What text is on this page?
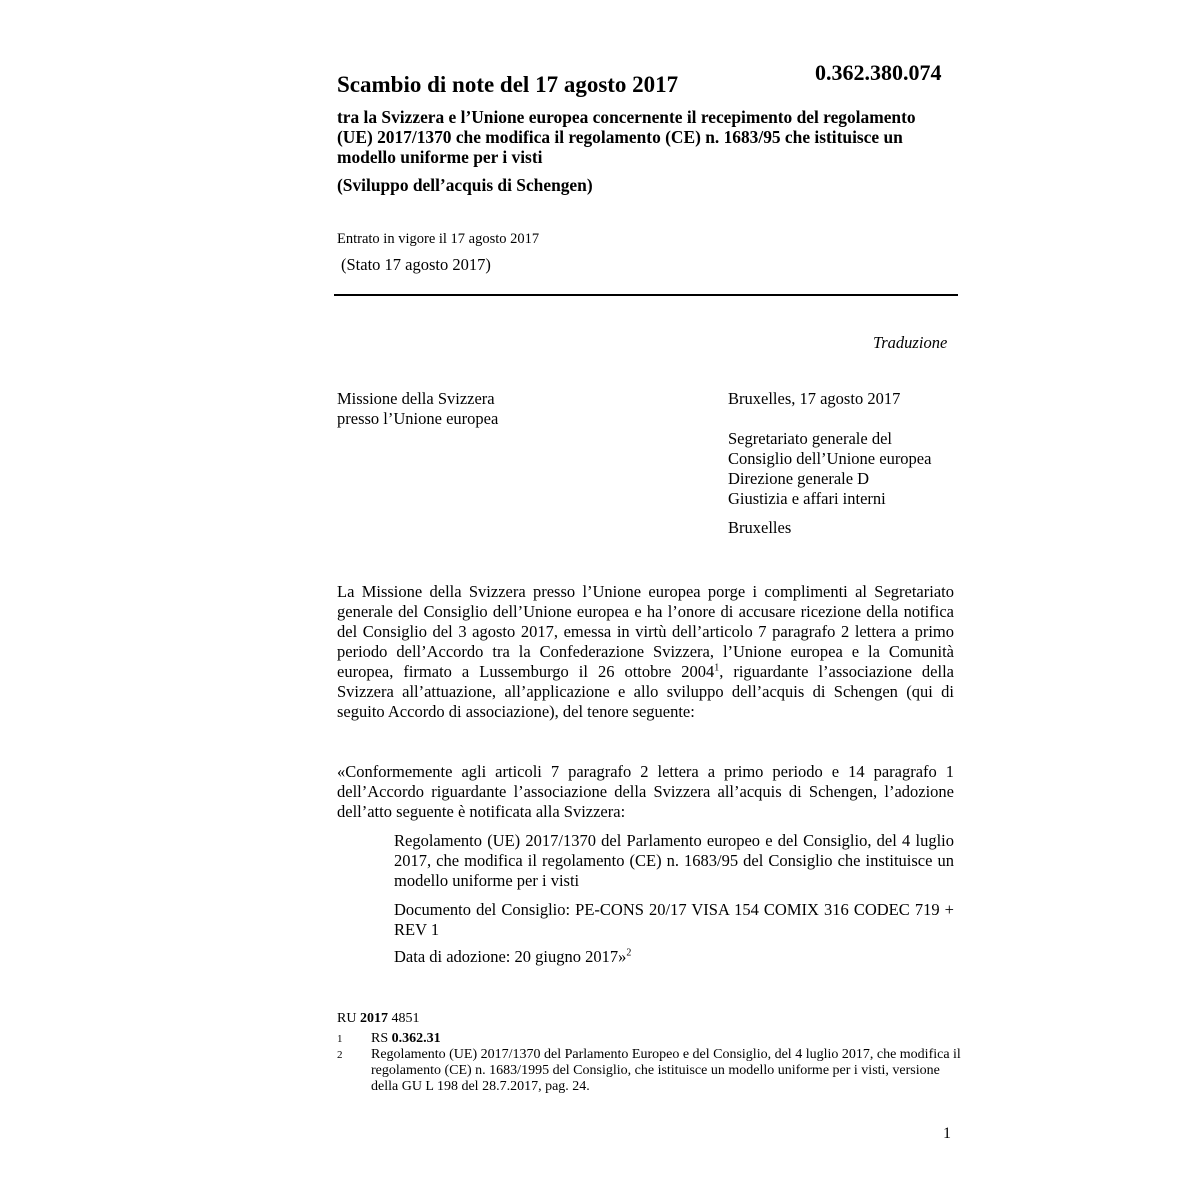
0.362.380.074
Scambio di note del 17 agosto 2017
tra la Svizzera e l’Unione europea concernente il recepimento del regolamento (UE) 2017/1370 che modifica il regolamento (CE) n. 1683/95 che istituisce un modello uniforme per i visti
(Sviluppo dell’acquis di Schengen)
Entrato in vigore il 17 agosto 2017
(Stato 17 agosto 2017)
Traduzione
Missione della Svizzera
presso l’Unione europea
Bruxelles, 17 agosto 2017
Segretariato generale del
Consiglio dell’Unione europea
Direzione generale D
Giustizia e affari interni
Bruxelles
La Missione della Svizzera presso l’Unione europea porge i complimenti al Segretariato generale del Consiglio dell’Unione europea e ha l’onore di accusare ricezione della notifica del Consiglio del 3 agosto 2017, emessa in virtù dell’articolo 7 paragrafo 2 lettera a primo periodo dell’Accordo tra la Confederazione Svizzera, l’Unione europea e la Comunità europea, firmato a Lussemburgo il 26 ottobre 2004$^1$, riguardante l’associazione della Svizzera all’attuazione, all’applicazione e allo sviluppo dell’acquis di Schengen (qui di seguito Accordo di associazione), del tenore seguente:
«Conformemente agli articoli 7 paragrafo 2 lettera a primo periodo e 14 paragrafo 1 dell’Accordo riguardante l’associazione della Svizzera all’acquis di Schengen, l’adozione dell’atto seguente è notificata alla Svizzera:
Regolamento (UE) 2017/1370 del Parlamento europeo e del Consiglio, del 4 luglio 2017, che modifica il regolamento (CE) n. 1683/95 del Consiglio che instituisce un modello uniforme per i visti
Documento del Consiglio: PE-CONS 20/17 VISA 154 COMIX 316 CODEC 719 + REV 1
Data di adozione: 20 giugno 2017»$^2$
RU 2017 4851
1 RS 0.362.31
2 Regolamento (UE) 2017/1370 del Parlamento Europeo e del Consiglio, del 4 luglio 2017, che modifica il regolamento (CE) n. 1683/1995 del Consiglio, che istituisce un modello uniforme per i visti, versione della GU L 198 del 28.7.2017, pag. 24.
1
